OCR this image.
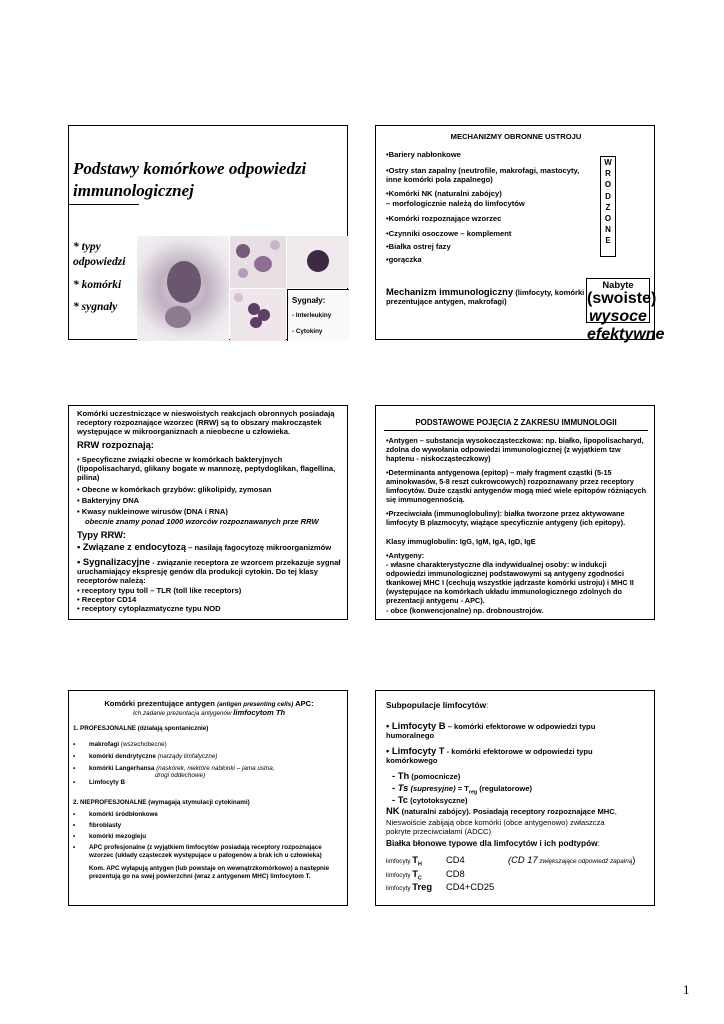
Podstawy komórkowe odpowiedzi immunologicznej
* typy odpowiedzi
* komórki
* sygnały
Sygnały:
- Interleukiny
- Cytokiny
MECHANIZMY OBRONNE USTROJU
•Bariery nabłonkowe
•Ostry stan zapalny (neutrofile, makrofagi, mastocyty, inne komórki pola zapalnego)
•Komórki NK (naturalni zabójcy)
– morfologicznie należą do limfocytów
•Komórki rozpoznające wzorzec
•Czynniki osoczowe – komplement
•Białka ostrej fazy
•gorączka
W
R
O
D
Z
O
N
E
Mechanizm immunologiczny (limfocyty, komórki prezentujące antygen, makrofagi)
Nabyte
(swoiste)
wysoce
efektywne
Komórki uczestniczące w nieswoistych reakcjach obronnych posiadają receptory rozpoznające wzorzec (RRW) są to obszary makrocząstek występujące w mikroorganiznach a nieobecne u człowieka.
RRW rozpoznają:
• Specyficzne związki obecne w komórkach bakteryjnych (lipopolisacharyd, glikany bogate w mannozę, peptydoglikan, flagellina, pilina)
• Obecne w komórkach grzybów: glikolipidy, zymosan
• Bakteryjny DNA
• Kwasy nukleinowe wirusów (DNA i RNA)
obecnie znamy ponad 1000 wzorców rozpoznawanych prze RRW
Typy RRW:
• Związane z endocytozą – nasilają fagocytozę mikroorganizmów
• Sygnalizacyjne - związanie receptora ze wzorcem przekazuje sygnał uruchamiający ekspresję genów dla produkcji cytokin. Do tej klasy receptorów należą:
• receptory typu toll – TLR (toll like receptors)
• Receptor CD14
• receptory cytoplazmatyczne typu NOD
PODSTAWOWE POJĘCIA Z ZAKRESU IMMUNOLOGII
•Antygen – substancja wysokocząsteczkowa: np. białko, lipopolisacharyd, zdolna do wywołania odpowiedzi immunologicznej (z wyjątkiem tzw haptenu - niskocząsteczkowy)
•Determinanta antygenowa (epitop) – mały fragment cząstki (5-15 aminokwasów, 5-8 reszt cukrowcowych) rozpoznawany przez receptory limfocytów. Duże cząstki antygenów mogą mieć wiele epitopów różniących się immunogennością.
•Przeciwciała (immunoglobuliny): białka tworzone przez aktywowane limfocyty B plazmocyty, wiążące specyficznie antygeny (ich epitopy).
Klasy immuglobulin: IgG, IgM, IgA, IgD, IgE
•Antygeny:
- własne charakterystyczne dla indywidualnej osoby: w indukcji odpowiedzi immunologicznej podstawowymi są antygeny zgodności tkankowej MHC I (cechują wszystkie jądrzaste komórki ustroju) i MHC II (występujące na komórkach układu immunologicznego zdolnych do prezentacji antygenu - APC).
- obce (konwencjonalne) np. drobnoustrojów.
Komórki prezentujące antygen (antigen presenting cells) APC:
Ich zadanie prezentacja antygenów limfocytom Th
1. PROFESJONALNE (działają spontanicznie)
• makrofagi (wszechobecne)
• komórki dendrytyczne (narządy limfatyczne)
• komórki Langerhansa (naskórek, niektóre nabłonki – jama ustna,
drogi oddechowe)
• Limfocyty B
2. NIEPROFESJONALNE (wymagają stymulacji cytokinami)
• komórki śródbłonkowe
• fibroblasty
• komórki mezogleju
• APC profesjonalne (z wyjątkiem limfocytów posiadają receptory rozpoznające wzorzec (układy cząsteczek występujące u patogenów a brak ich u człowieka)
Kom. APC wyłapują antygen (lub powstaje on wewnątrzkomórkowo) a następnie prezentują go na swej powierzchni (wraz z antygenem MHC) limfocytom T.
Subpopulacje limfocytów:
• Limfocyty B – komórki efektorowe w odpowiedzi typu humoralnego
• Limfocyty T - komórki efektorowe w odpowiedzi typu komórkowego
- Th (pomocnicze)
- Ts (supresyjne) = $T_{reg}$ (regulatorowe)
- Tc (cytotoksyczne)
NK (naturalni zabójcy). Posiadają receptory rozpoznające MHC,
Nieswoiście zabijają obce komórki (obce antygenowo) zwłaszcza pokryte przeciwciałami (ADCC)
Białka błonowe typowe dla limfocytów i ich podtypów:
limfocyty $T_H$	CD4	(CD 17 zwiększające odpowiedź zapalną)
limfocyty $T_C$	CD8
limfocyty Treg	CD4+CD25
1
